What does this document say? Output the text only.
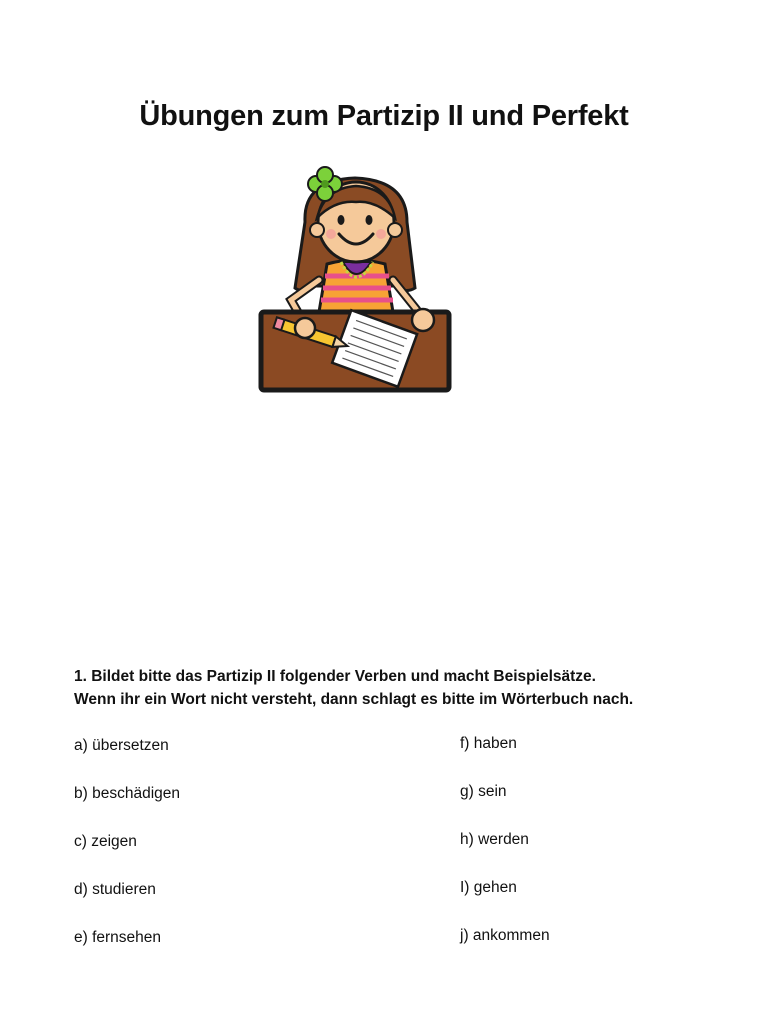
Übungen zum Partizip II und Perfekt
1. Bildet bitte das Partizip II folgender Verben und macht Beispielsätze.
Wenn ihr ein Wort nicht versteht, dann schlagt es bitte im Wörterbuch nach.
a) übersetzen
b) beschädigen
c) zeigen
d) studieren
e) fernsehen
f) haben
g) sein
h) werden
I) gehen
j) ankommen
